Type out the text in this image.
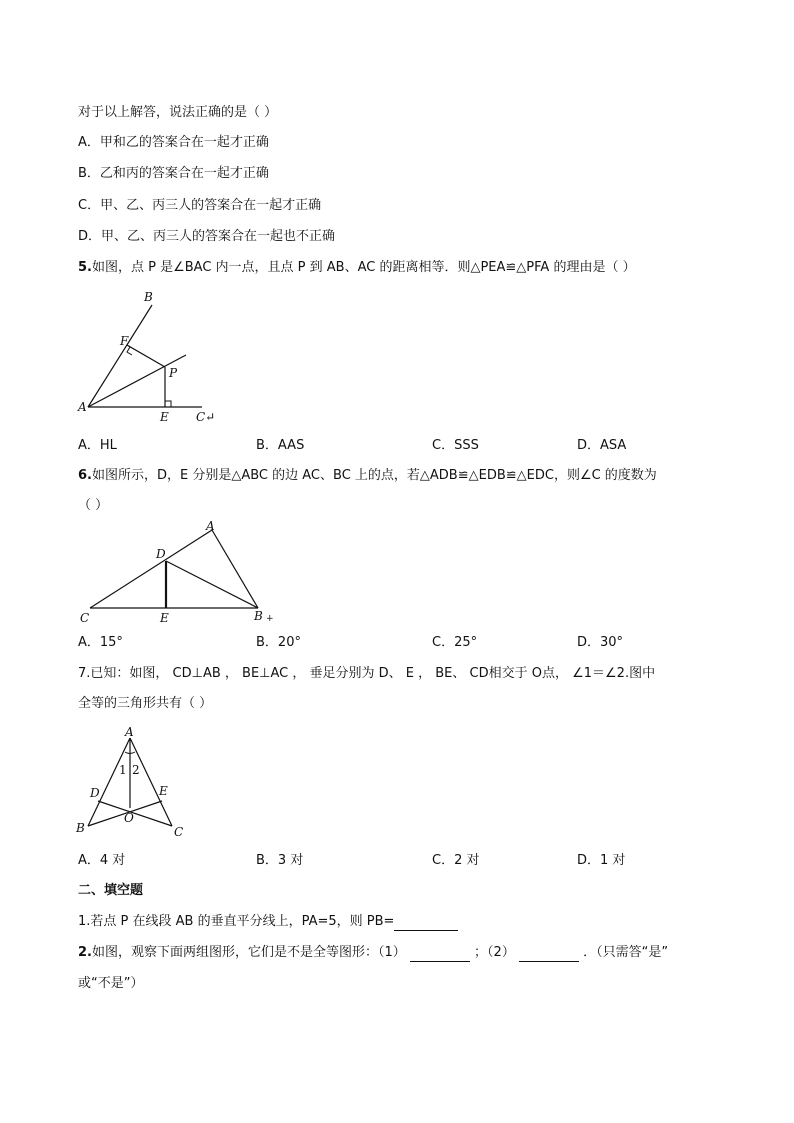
对于以上解答，说法正确的是（ ）
A．甲和乙的答案合在一起才正确
B．乙和丙的答案合在一起才正确
C．甲、乙、丙三人的答案合在一起才正确
D．甲、乙、丙三人的答案合在一起也不正确
5.如图，点 P 是∠BAC 内一点，且点 P 到 AB、AC 的距离相等．则△PEA≌△PFA 的理由是（ ）
B
F
P
A
E C↵
A．HL	B．AAS	C．SSS	D．ASA
6.如图所示，D，E 分别是△ABC 的边 AC、BC 上的点，若△ADB≌△EDB≌△EDC，则∠C 的度数为
（ ）
A
D
C	E	B +
A．15°	B．20°	C．25°	D．30°
7.已知：如图， CD⊥AB ， BE⊥AC ， 垂足分别为 D、 E ， BE、 CD相交于 O点， ∠1＝∠2.图中
全等的三角形共有（ ）
A
1 2
D	E
O
B	C
A．4 对	B．3 对	C．2 对	D．1 对
二、填空题
1.若点 P 在线段 AB 的垂直平分线上，PA=5，则 PB=
2.如图，观察下面两组图形，它们是不是全等图形：（1）	；（2）	．（只需答“是”
或“不是”）
